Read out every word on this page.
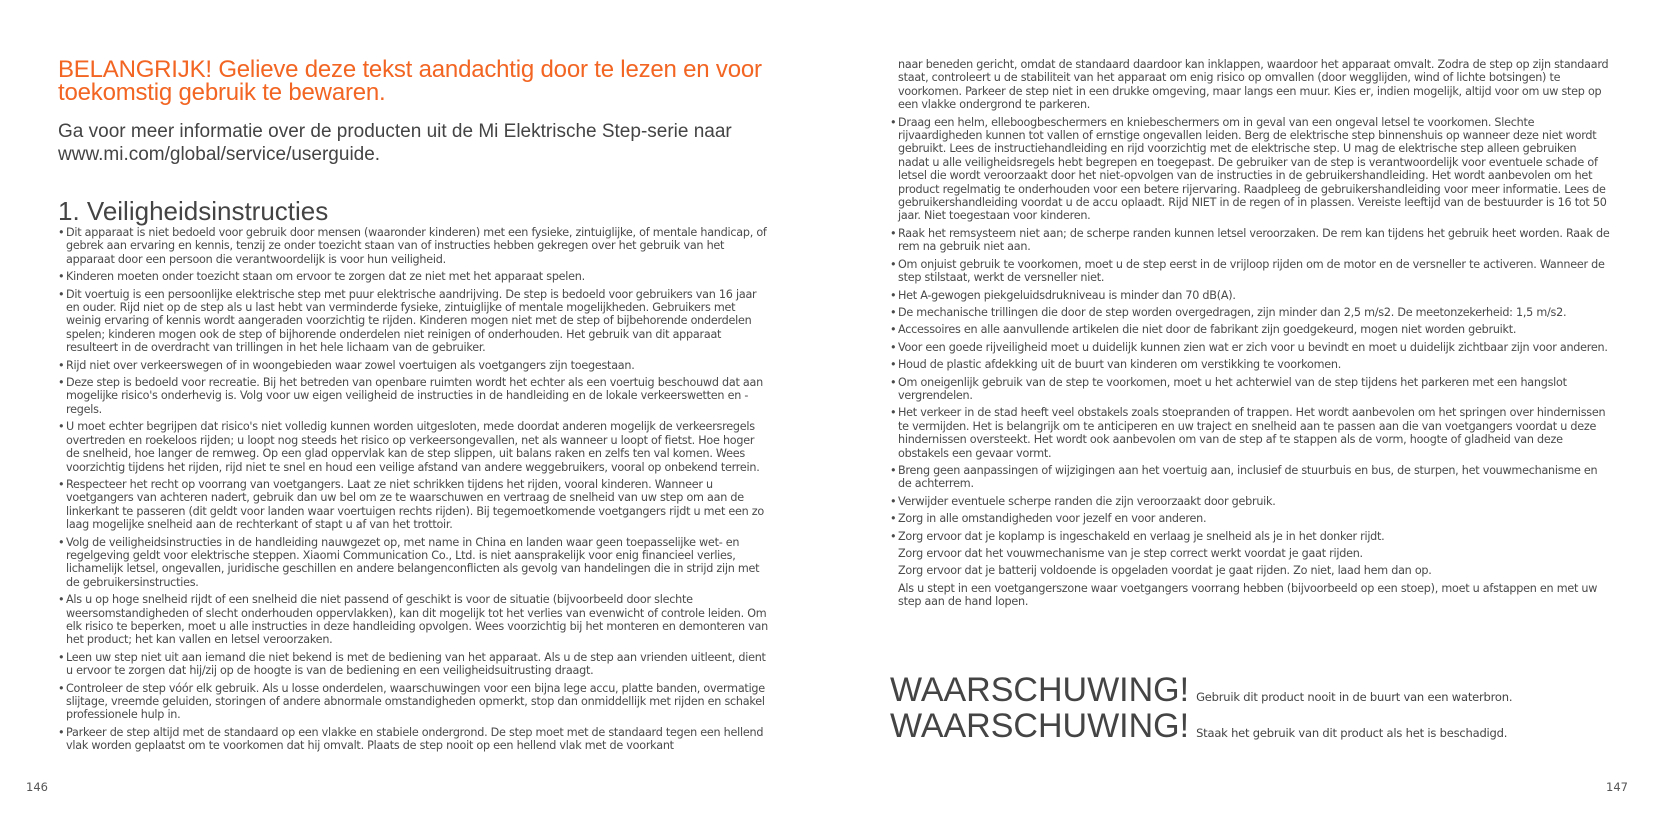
BELANGRIJK! Gelieve deze tekst aandachtig door te lezen en voor toekomstig gebruik te bewaren.
Ga voor meer informatie over de producten uit de Mi Elektrische Step-serie naar www.mi.com/global/service/userguide.
1. Veiligheidsinstructies
• Dit apparaat is niet bedoeld voor gebruik door mensen (waaronder kinderen) met een fysieke, zintuiglijke, of mentale handicap, of gebrek aan ervaring en kennis, tenzij ze onder toezicht staan van of instructies hebben gekregen over het gebruik van het apparaat door een persoon die verantwoordelijk is voor hun veiligheid.
• Kinderen moeten onder toezicht staan om ervoor te zorgen dat ze niet met het apparaat spelen.
• Dit voertuig is een persoonlijke elektrische step met puur elektrische aandrijving. De step is bedoeld voor gebruikers van 16 jaar en ouder. Rijd niet op de step als u last hebt van verminderde fysieke, zintuiglijke of mentale mogelijkheden. Gebruikers met weinig ervaring of kennis wordt aangeraden voorzichtig te rijden. Kinderen mogen niet met de step of bijbehorende onderdelen spelen; kinderen mogen ook de step of bijhorende onderdelen niet reinigen of onderhouden. Het gebruik van dit apparaat resulteert in de overdracht van trillingen in het hele lichaam van de gebruiker.
• Rijd niet over verkeerswegen of in woongebieden waar zowel voertuigen als voetgangers zijn toegestaan.
• Deze step is bedoeld voor recreatie. Bij het betreden van openbare ruimten wordt het echter als een voertuig beschouwd dat aan mogelijke risico's onderhevig is. Volg voor uw eigen veiligheid de instructies in de handleiding en de lokale verkeerswetten en -regels.
• U moet echter begrijpen dat risico's niet volledig kunnen worden uitgesloten, mede doordat anderen mogelijk de verkeersregels overtreden en roekeloos rijden; u loopt nog steeds het risico op verkeersongevallen, net als wanneer u loopt of fietst. Hoe hoger de snelheid, hoe langer de remweg. Op een glad oppervlak kan de step slippen, uit balans raken en zelfs ten val komen. Wees voorzichtig tijdens het rijden, rijd niet te snel en houd een veilige afstand van andere weggebruikers, vooral op onbekend terrein.
• Respecteer het recht op voorrang van voetgangers. Laat ze niet schrikken tijdens het rijden, vooral kinderen. Wanneer u voetgangers van achteren nadert, gebruik dan uw bel om ze te waarschuwen en vertraag de snelheid van uw step om aan de linkerkant te passeren (dit geldt voor landen waar voertuigen rechts rijden). Bij tegemoetkomende voetgangers rijdt u met een zo laag mogelijke snelheid aan de rechterkant of stapt u af van het trottoir.
• Volg de veiligheidsinstructies in de handleiding nauwgezet op, met name in China en landen waar geen toepasselijke wet- en regelgeving geldt voor elektrische steppen. Xiaomi Communication Co., Ltd. is niet aansprakelijk voor enig financieel verlies, lichamelijk letsel, ongevallen, juridische geschillen en andere belangenconflicten als gevolg van handelingen die in strijd zijn met de gebruikersinstructies.
• Als u op hoge snelheid rijdt of een snelheid die niet passend of geschikt is voor de situatie (bijvoorbeeld door slechte weersomstandigheden of slecht onderhouden oppervlakken), kan dit mogelijk tot het verlies van evenwicht of controle leiden. Om elk risico te beperken, moet u alle instructies in deze handleiding opvolgen. Wees voorzichtig bij het monteren en demonteren van het product; het kan vallen en letsel veroorzaken.
• Leen uw step niet uit aan iemand die niet bekend is met de bediening van het apparaat. Als u de step aan vrienden uitleent, dient u ervoor te zorgen dat hij/zij op de hoogte is van de bediening en een veiligheidsuitrusting draagt.
• Controleer de step vóór elk gebruik. Als u losse onderdelen, waarschuwingen voor een bijna lege accu, platte banden, overmatige slijtage, vreemde geluiden, storingen of andere abnormale omstandigheden opmerkt, stop dan onmiddellijk met rijden en schakel professionele hulp in.
• Parkeer de step altijd met de standaard op een vlakke en stabiele ondergrond. De step moet met de standaard tegen een hellend vlak worden geplaatst om te voorkomen dat hij omvalt. Plaats de step nooit op een hellend vlak met de voorkant
naar beneden gericht, omdat de standaard daardoor kan inklappen, waardoor het apparaat omvalt. Zodra de step op zijn standaard staat, controleert u de stabiliteit van het apparaat om enig risico op omvallen (door wegglijden, wind of lichte botsingen) te voorkomen. Parkeer de step niet in een drukke omgeving, maar langs een muur. Kies er, indien mogelijk, altijd voor om uw step op een vlakke ondergrond te parkeren.
• Draag een helm, elleboogbeschermers en kniebeschermers om in geval van een ongeval letsel te voorkomen. Slechte rijvaardigheden kunnen tot vallen of ernstige ongevallen leiden. Berg de elektrische step binnenshuis op wanneer deze niet wordt gebruikt. Lees de instructiehandleiding en rijd voorzichtig met de elektrische step. U mag de elektrische step alleen gebruiken nadat u alle veiligheidsregels hebt begrepen en toegepast. De gebruiker van de step is verantwoordelijk voor eventuele schade of letsel die wordt veroorzaakt door het niet-opvolgen van de instructies in de gebruikershandleiding. Het wordt aanbevolen om het product regelmatig te onderhouden voor een betere rijervaring. Raadpleeg de gebruikershandleiding voor meer informatie. Lees de gebruikershandleiding voordat u de accu oplaadt. Rijd NIET in de regen of in plassen. Vereiste leeftijd van de bestuurder is 16 tot 50 jaar. Niet toegestaan voor kinderen.
• Raak het remsysteem niet aan; de scherpe randen kunnen letsel veroorzaken. De rem kan tijdens het gebruik heet worden. Raak de rem na gebruik niet aan.
• Om onjuist gebruik te voorkomen, moet u de step eerst in de vrijloop rijden om de motor en de versneller te activeren. Wanneer de step stilstaat, werkt de versneller niet.
• Het A-gewogen piekgeluidsdrukniveau is minder dan 70 dB(A).
• De mechanische trillingen die door de step worden overgedragen, zijn minder dan 2,5 m/s2. De meetonzekerheid: 1,5 m/s2.
• Accessoires en alle aanvullende artikelen die niet door de fabrikant zijn goedgekeurd, mogen niet worden gebruikt.
• Voor een goede rijveiligheid moet u duidelijk kunnen zien wat er zich voor u bevindt en moet u duidelijk zichtbaar zijn voor anderen.
• Houd de plastic afdekking uit de buurt van kinderen om verstikking te voorkomen.
• Om oneigenlijk gebruik van de step te voorkomen, moet u het achterwiel van de step tijdens het parkeren met een hangslot vergrendelen.
• Het verkeer in de stad heeft veel obstakels zoals stoepranden of trappen. Het wordt aanbevolen om het springen over hindernissen te vermijden. Het is belangrijk om te anticiperen en uw traject en snelheid aan te passen aan die van voetgangers voordat u deze hindernissen oversteekt. Het wordt ook aanbevolen om van de step af te stappen als de vorm, hoogte of gladheid van deze obstakels een gevaar vormt.
• Breng geen aanpassingen of wijzigingen aan het voertuig aan, inclusief de stuurbuis en bus, de sturpen, het vouwmechanisme en de achterrem.
• Verwijder eventuele scherpe randen die zijn veroorzaakt door gebruik.
• Zorg in alle omstandigheden voor jezelf en voor anderen.
• Zorg ervoor dat je koplamp is ingeschakeld en verlaag je snelheid als je in het donker rijdt.
Zorg ervoor dat het vouwmechanisme van je step correct werkt voordat je gaat rijden.
Zorg ervoor dat je batterij voldoende is opgeladen voordat je gaat rijden. Zo niet, laad hem dan op.
Als u stept in een voetgangerszone waar voetgangers voorrang hebben (bijvoorbeeld op een stoep), moet u afstappen en met uw step aan de hand lopen.
WAARSCHUWING! Gebruik dit product nooit in de buurt van een waterbron.
WAARSCHUWING! Staak het gebruik van dit product als het is beschadigd.
146	147
